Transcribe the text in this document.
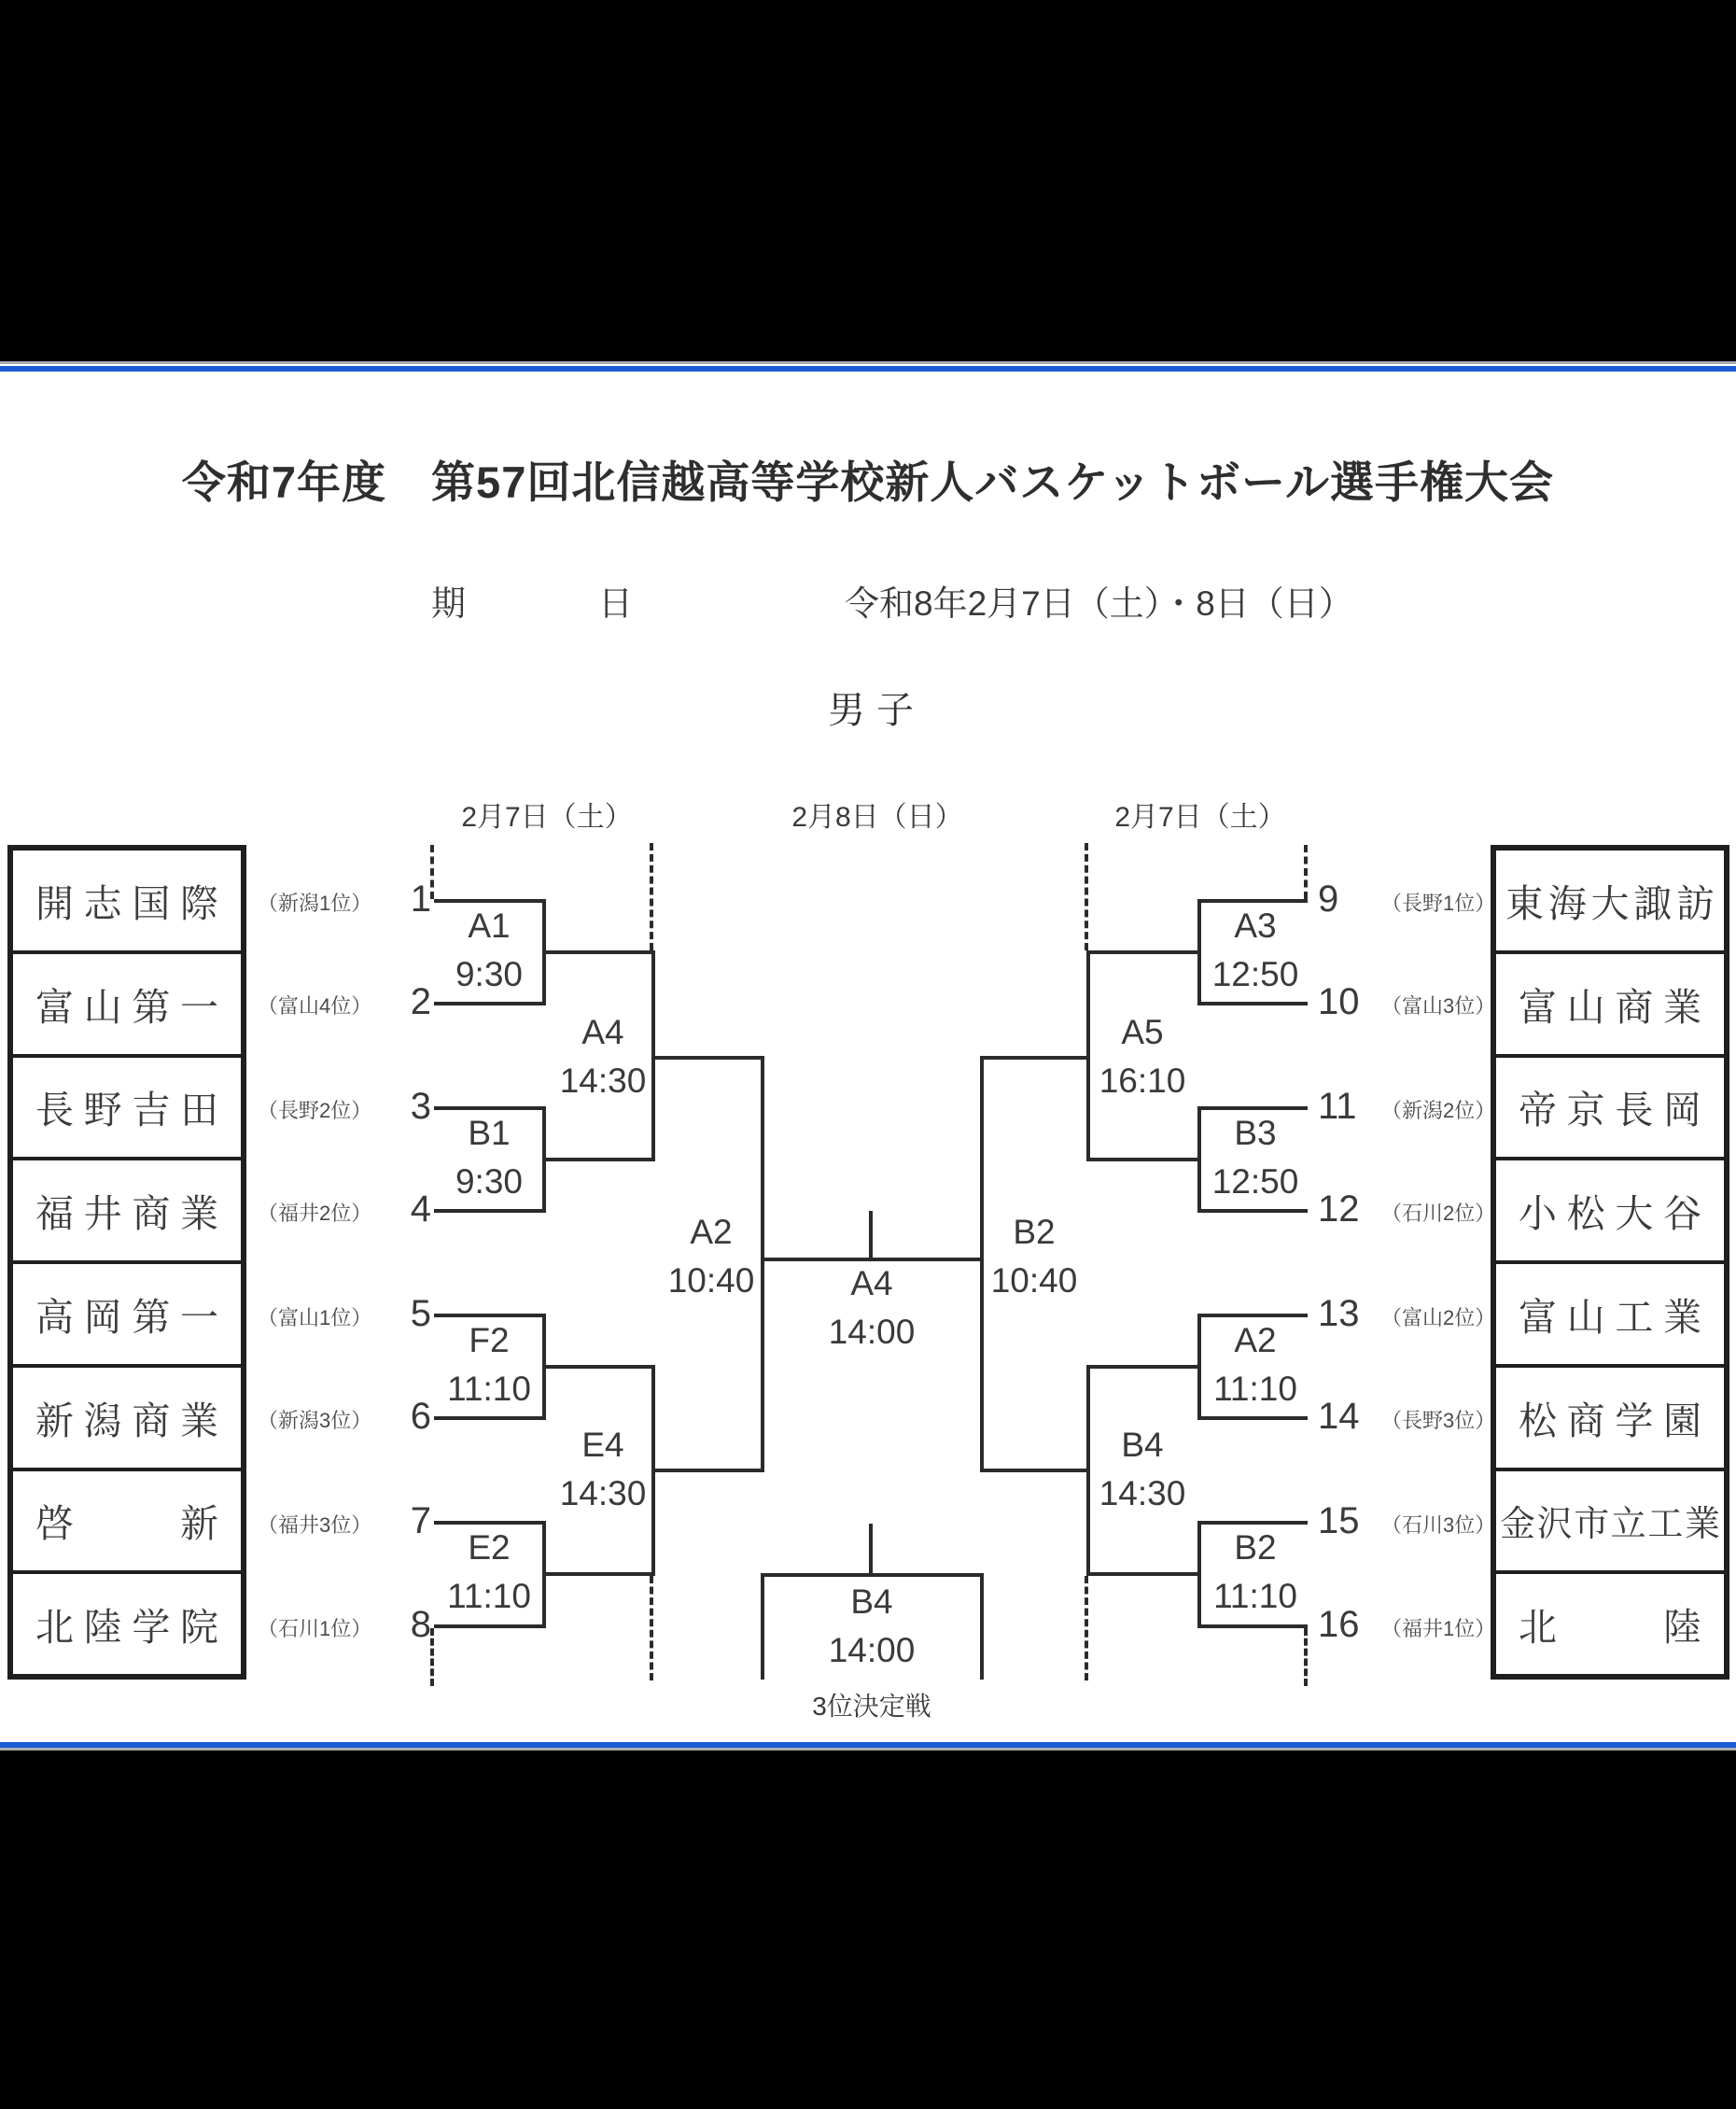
令和7年度　第57回北信越高等学校新人バスケットボール選手権大会
期	日	令和8年2月7日（土）・8日（日）
男子
2月7日（土）	2月8日（日）	2月7日（土）
開 志 国 際
富 山 第 一
長 野 吉 田
福 井 商 業
高 岡 第 一
新 潟 商 業
啓	新
北 陸 学 院
東 海 大 諏 訪
富 山 商 業
帝 京 長 岡
小 松 大 谷
富 山 工 業
松 商 学 園
金 沢 市 立 工 業
北	陸
（新潟1位）
（富山4位）
（長野2位）
（福井2位）
（富山1位）
（新潟3位）
（福井3位）
（石川1位）
1
2
3
4
5
6
7
8
9
10
11
12
13
14
15
16
（長野1位）
（富山3位）
（新潟2位）
（石川2位）
（富山2位）
（長野3位）
（石川3位）
（福井1位）
A1
9:30
B1
9:30
F2
11:10
E2
11:10
A4
14:30
E4
14:30
A2
10:40	A4
14:00
B4
14:00
B2
10:40
A5
16:10
B4
14:30
A3
12:50
B3
12:50
A2
11:10
B2
11:10
3位決定戦
